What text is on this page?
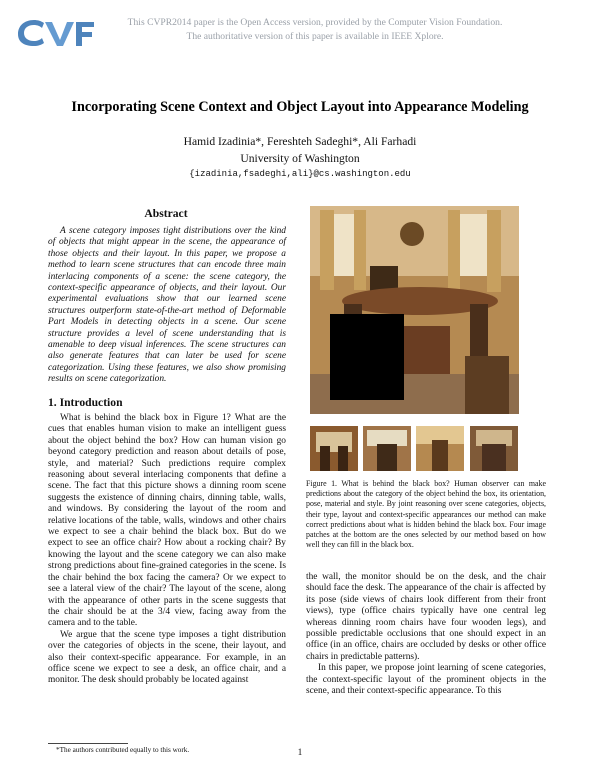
This CVPR2014 paper is the Open Access version, provided by the Computer Vision Foundation.
The authoritative version of this paper is available in IEEE Xplore.
Incorporating Scene Context and Object Layout into Appearance Modeling
Hamid Izadinia*, Fereshteh Sadeghi*, Ali Farhadi
University of Washington
{izadinia,fsadeghi,ali}@cs.washington.edu
Abstract
A scene category imposes tight distributions over the kind of objects that might appear in the scene, the appearance of those objects and their layout. In this paper, we propose a method to learn scene structures that can encode three main interlacing components of a scene: the scene category, the context-specific appearance of objects, and their layout. Our experimental evaluations show that our learned scene structures outperform state-of-the-art method of Deformable Part Models in detecting objects in a scene. Our scene structure provides a level of scene understanding that is amenable to deep visual inferences. The scene structures can also generate features that can later be used for scene categorization. Using these features, we also show promising results on scene categorization.
1. Introduction

What is behind the black box in Figure 1? What are the cues that enables human vision to make an intelligent guess about the object behind the box? How can human vision go beyond category prediction and reason about details of pose, style, and material? Such predictions require complex reasoning about several interlacing components that define a scene. The fact that this picture shows a dinning room scene suggests the existence of dinning chairs, dinning table, walls, and windows. By considering the layout of the room and relative locations of the table, walls, windows and other chairs we expect to see a chair behind the black box. But do we expect to see an office chair? How about a rocking chair? By knowing the layout and the scene category we can also make strong predictions about fine-grained categories in the scene. Is the chair behind the box facing the camera? Or we expect to see a lateral view of the chair? The layout of the scene, along with the appearance of other parts in the scene suggests that the chair should be at the 3/4 view, facing away from the camera and to the table.

We argue that the scene type imposes a tight distribution over the categories of objects in the scene, their layout, and also their context-specific appearance. For example, in an office scene we expect to see a desk, an office chair, and a monitor. The desk should probably be located against

*The authors contributed equally to this work.
Figure 1. What is behind the black box? Human observer can make predictions about the category of the object behind the box, its orientation, pose, material and style. By joint reasoning over scene categories, objects, their type, layout and context-specific appearances our method can make correct predictions about what is hidden behind the black box. Four image patches at the bottom are the ones selected by our method based on how well they can fill in the black box.

the wall, the monitor should be on the desk, and the chair should face the desk. The appearance of the chair is affected by its pose (side views of chairs look different from their front views), type (office chairs typically have one central leg whereas dinning room chairs have four wooden legs), and possible predictable occlusions that one should expect in an office (in an office, chairs are occluded by desks or other office chairs in predictable patterns).

In this paper, we propose joint learning of scene categories, the context-specific layout of the prominent objects in the scene, and their context-specific appearance. To this

1
